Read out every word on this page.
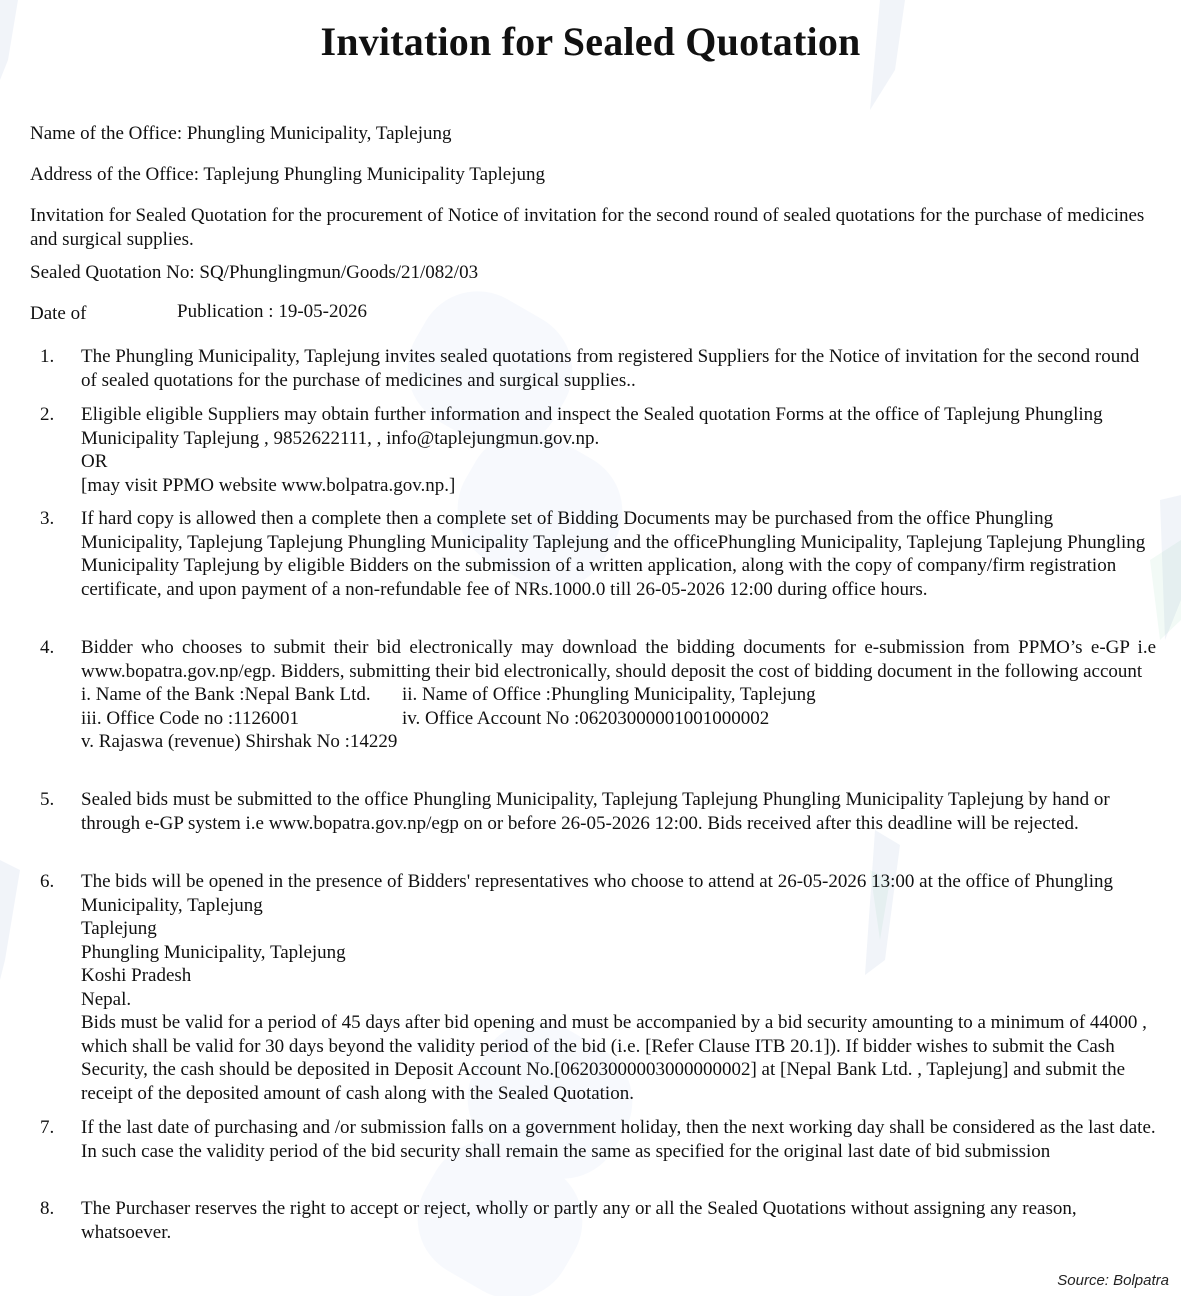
Invitation for Sealed Quotation
Name of the Office: Phungling Municipality, Taplejung
Address of the Office: Taplejung Phungling Municipality Taplejung
Invitation for Sealed Quotation for the procurement of Notice of invitation for the second round of sealed quotations for the purchase of medicines and surgical supplies.
Sealed Quotation No: SQ/Phunglingmun/Goods/21/082/03
Date of	Publication : 19-05-2026
1. The Phungling Municipality, Taplejung invites sealed quotations from registered Suppliers for the Notice of invitation for the second round of sealed quotations for the purchase of medicines and surgical supplies..
2. Eligible eligible Suppliers may obtain further information and inspect the Sealed quotation Forms at the office of Taplejung Phungling Municipality Taplejung , 9852622111, , info@taplejungmun.gov.np.
OR
[may visit PPMO website www.bolpatra.gov.np.]
3. If hard copy is allowed then a complete then a complete set of Bidding Documents may be purchased from the office Phungling Municipality, Taplejung Taplejung Phungling Municipality Taplejung and the officePhungling Municipality, Taplejung Taplejung Phungling Municipality Taplejung by eligible Bidders on the submission of a written application, along with the copy of company/firm registration certificate, and upon payment of a non-refundable fee of NRs.1000.0 till 26-05-2026 12:00 during office hours.
4. Bidder who chooses to submit their bid electronically may download the bidding documents for e-submission from PPMO’s e-GP i.e www.bopatra.gov.np/egp. Bidders, submitting their bid electronically, should deposit the cost of bidding document in the following account
i. Name of the Bank :Nepal Bank Ltd. ii. Name of Office :Phungling Municipality, Taplejung
iii. Office Code no :1126001	iv. Office Account No :06203000001001000002
v. Rajaswa (revenue) Shirshak No :14229
5. Sealed bids must be submitted to the office Phungling Municipality, Taplejung Taplejung Phungling Municipality Taplejung by hand or through e-GP system i.e www.bopatra.gov.np/egp on or before 26-05-2026 12:00. Bids received after this deadline will be rejected.
6. The bids will be opened in the presence of Bidders' representatives who choose to attend at 26-05-2026 13:00 at the office of Phungling Municipality, Taplejung
Taplejung
Phungling Municipality, Taplejung
Koshi Pradesh
Nepal.
Bids must be valid for a period of 45 days after bid opening and must be accompanied by a bid security amounting to a minimum of 44000 , which shall be valid for 30 days beyond the validity period of the bid (i.e. [Refer Clause ITB 20.1]). If bidder wishes to submit the Cash Security, the cash should be deposited in Deposit Account No.[06203000003000000002] at [Nepal Bank Ltd. , Taplejung] and submit the receipt of the deposited amount of cash along with the Sealed Quotation.
7. If the last date of purchasing and /or submission falls on a government holiday, then the next working day shall be considered as the last date. In such case the validity period of the bid security shall remain the same as specified for the original last date of bid submission
8. The Purchaser reserves the right to accept or reject, wholly or partly any or all the Sealed Quotations without assigning any reason, whatsoever.
Source: Bolpatra
